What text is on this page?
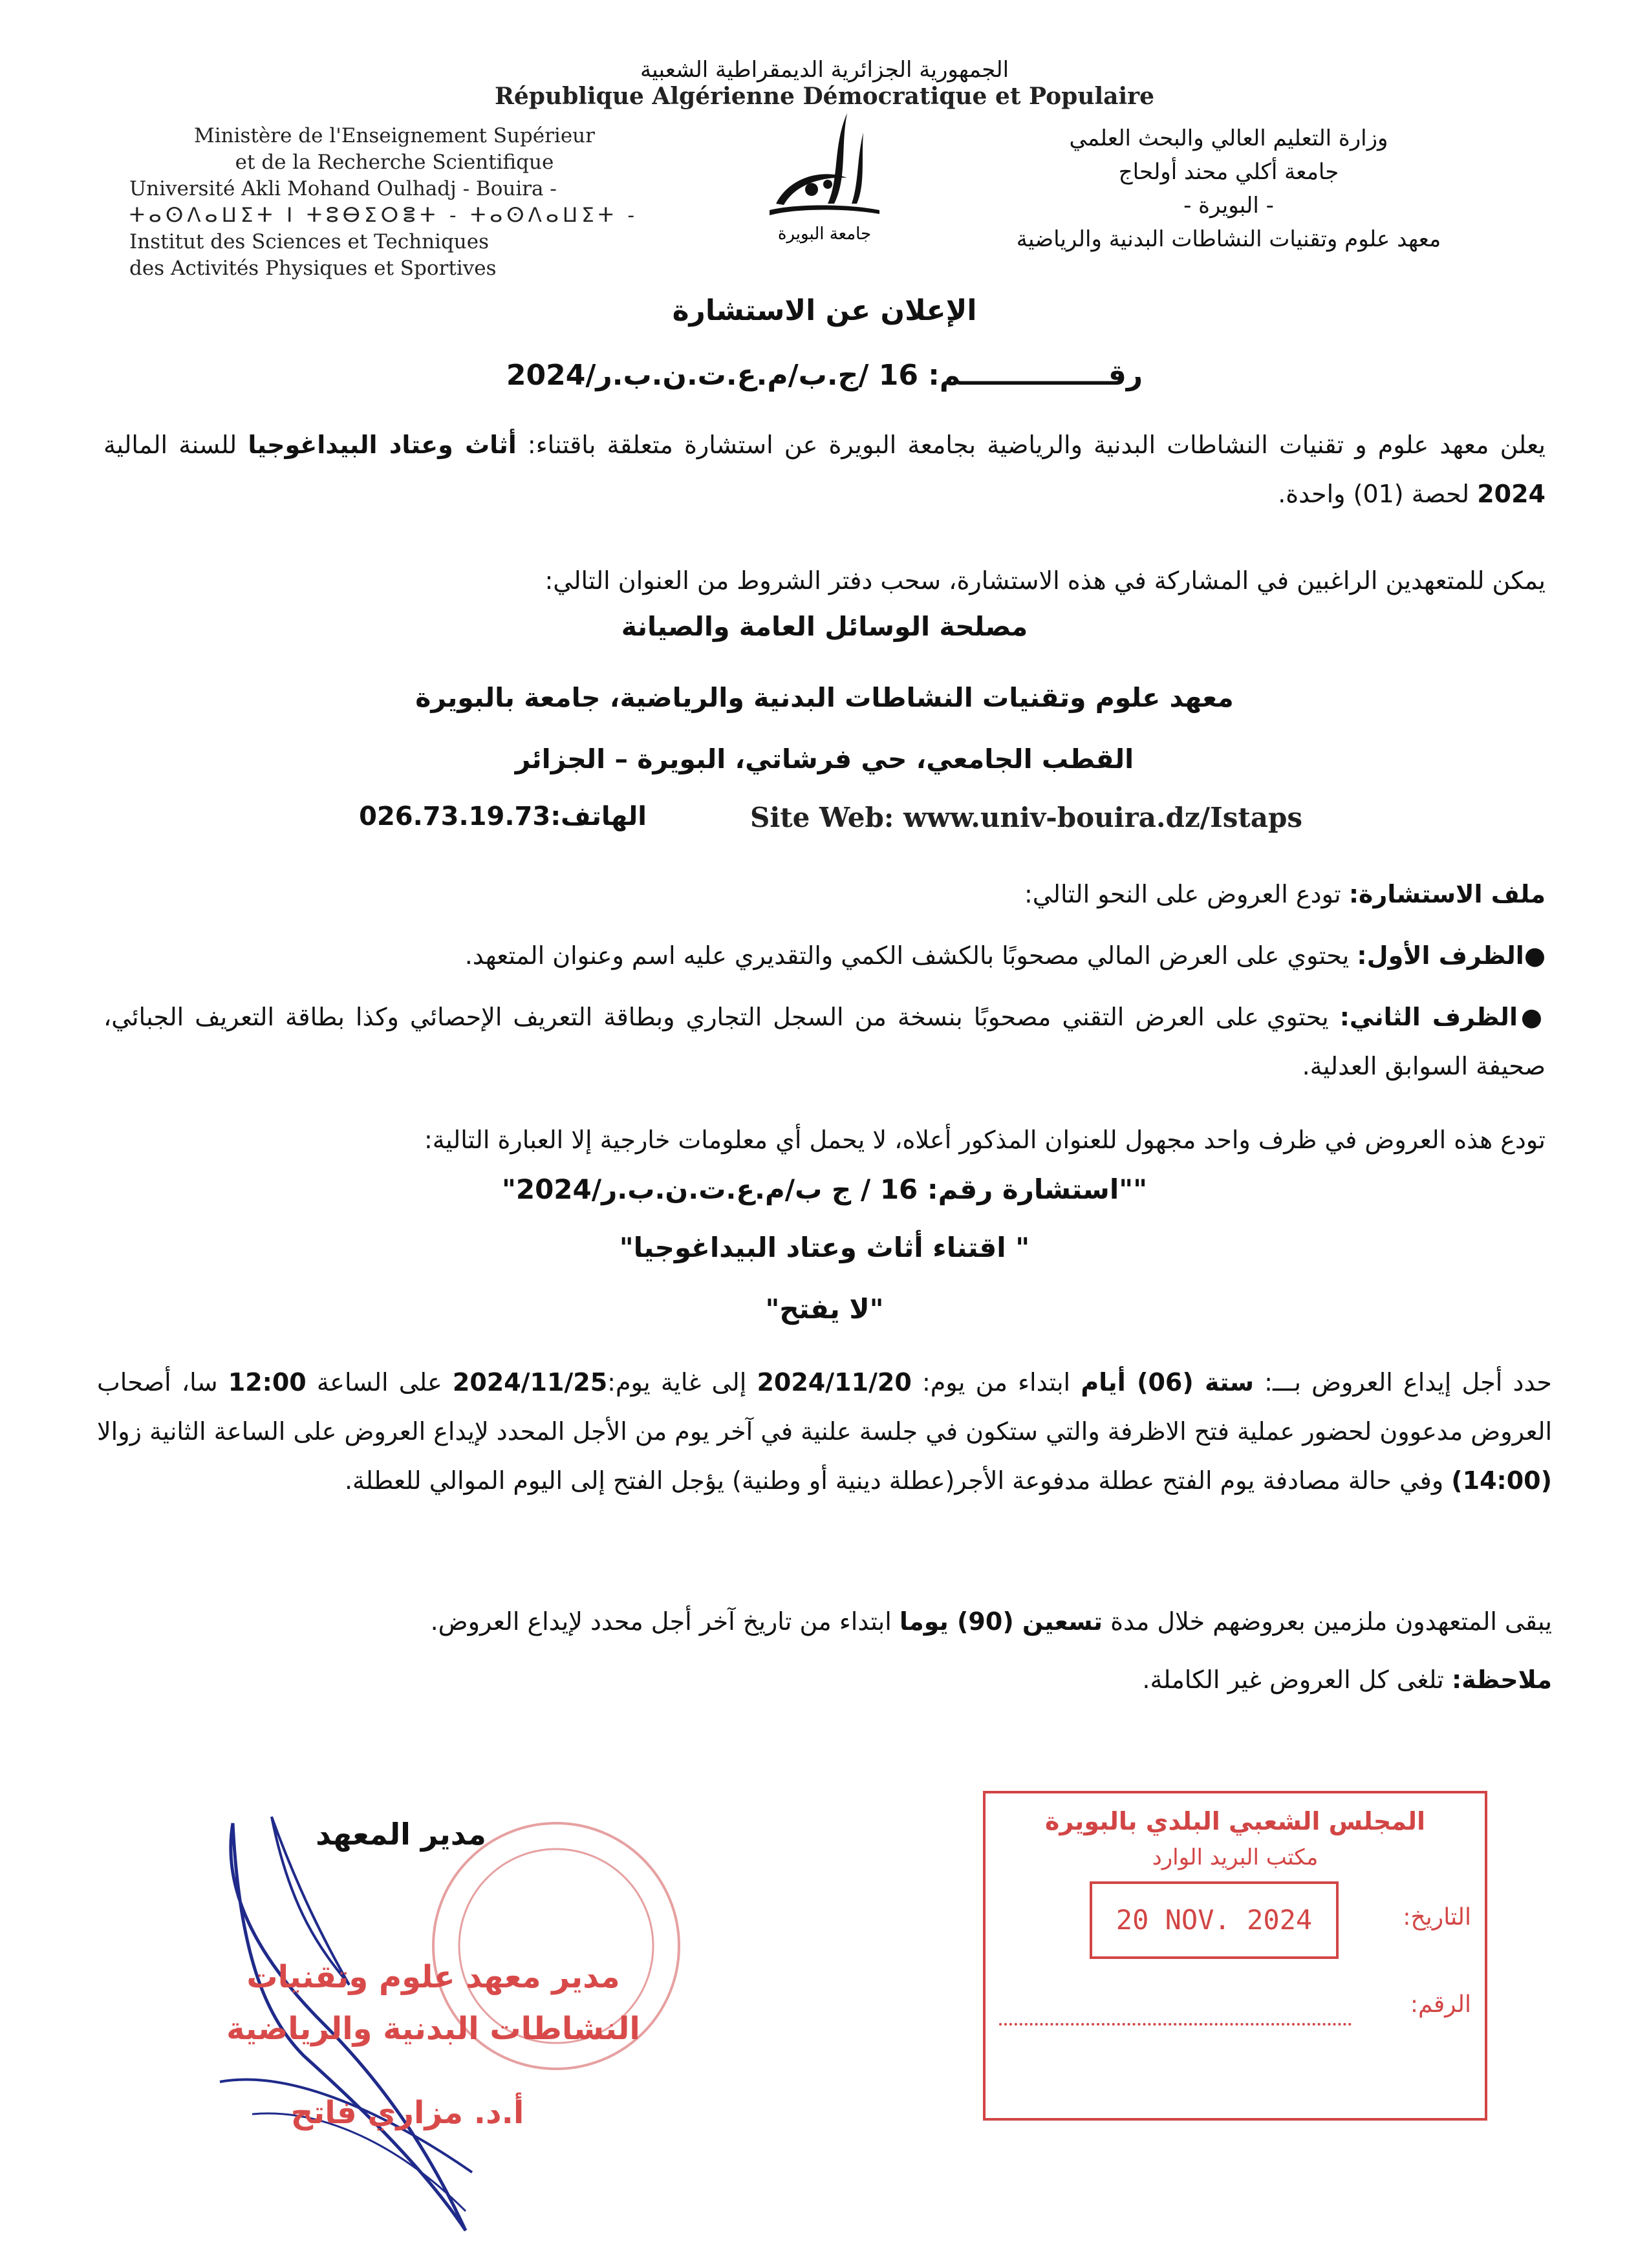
الجمهورية الجزائرية الديمقراطية الشعبية
République Algérienne Démocratique et Populaire
Ministère de l'Enseignement Supérieur
et de la Recherche Scientifique
Université Akli Mohand Oulhadj - Bouira -
ⵜⴰⵙⴷⴰⵡⵉⵜ ⵏ ⵜⵓⴱⵉⵔⴻⵜ - ⵜⴰⵙⴷⴰⵡⵉⵜ -
Institut des Sciences et Techniques
des Activités Physiques et Sportives
جامعة البويرة
وزارة التعليم العالي والبحث العلمي
جامعة أكلي محند أولحاج
- البويرة -
معهد علوم وتقنيات النشاطات البدنية والرياضية
الإعلان عن الاستشارة
رقـــــــــــــــم: 16 /ج.ب/م.ع.ت.ن.ب.ر/2024
يعلن معهد علوم و تقنيات النشاطات البدنية والرياضية بجامعة البويرة عن استشارة متعلقة باقتناء: أثاث وعتاد البيداغوجيا للسنة المالية 2024 لحصة (01) واحدة.
يمكن للمتعهدين الراغبين في المشاركة في هذه الاستشارة، سحب دفتر الشروط من العنوان التالي:
مصلحة الوسائل العامة والصيانة
معهد علوم وتقنيات النشاطات البدنية والرياضية، جامعة بالبويرة
القطب الجامعي، حي فرشاتي، البويرة – الجزائر
Site Web: www.univ-bouira.dz/Istaps
الهاتف:026.73.19.73
ملف الاستشارة: تودع العروض على النحو التالي:
●الظرف الأول: يحتوي على العرض المالي مصحوبًا بالكشف الكمي والتقديري عليه اسم وعنوان المتعهد.
●الظرف الثاني: يحتوي على العرض التقني مصحوبًا بنسخة من السجل التجاري وبطاقة التعريف الإحصائي وكذا بطاقة التعريف الجبائي، صحيفة السوابق العدلية.
تودع هذه العروض في ظرف واحد مجهول للعنوان المذكور أعلاه، لا يحمل أي معلومات خارجية إلا العبارة التالية:
""استشارة رقم: 16 / ج ب/م.ع.ت.ن.ب.ر/2024"
" اقتناء أثاث وعتاد البيداغوجيا"
"لا يفتح"
حدد أجل إيداع العروض بـــ: ستة (06) أيام ابتداء من يوم: 2024/11/20 إلى غاية يوم:2024/11/25 على الساعة 12:00 سا، أصحاب العروض مدعوون لحضور عملية فتح الاظرفة والتي ستكون في جلسة علنية في آخر يوم من الأجل المحدد لإيداع العروض على الساعة الثانية زوالا (14:00) وفي حالة مصادفة يوم الفتح عطلة مدفوعة الأجر(عطلة دينية أو وطنية) يؤجل الفتح إلى اليوم الموالي للعطلة.
يبقى المتعهدون ملزمين بعروضهم خلال مدة تسعين (90) يوما ابتداء من تاريخ آخر أجل محدد لإيداع العروض.
ملاحظة: تلغى كل العروض غير الكاملة.
مدير المعهد
مدير معهد علوم وتقنيات
النشاطات البدنية والرياضية
أ.د. مزاري فاتح
المجلس الشعبي البلدي بالبويرة
مكتب البريد الوارد
20 NOV. 2024	التاريخ:
الرقم:
